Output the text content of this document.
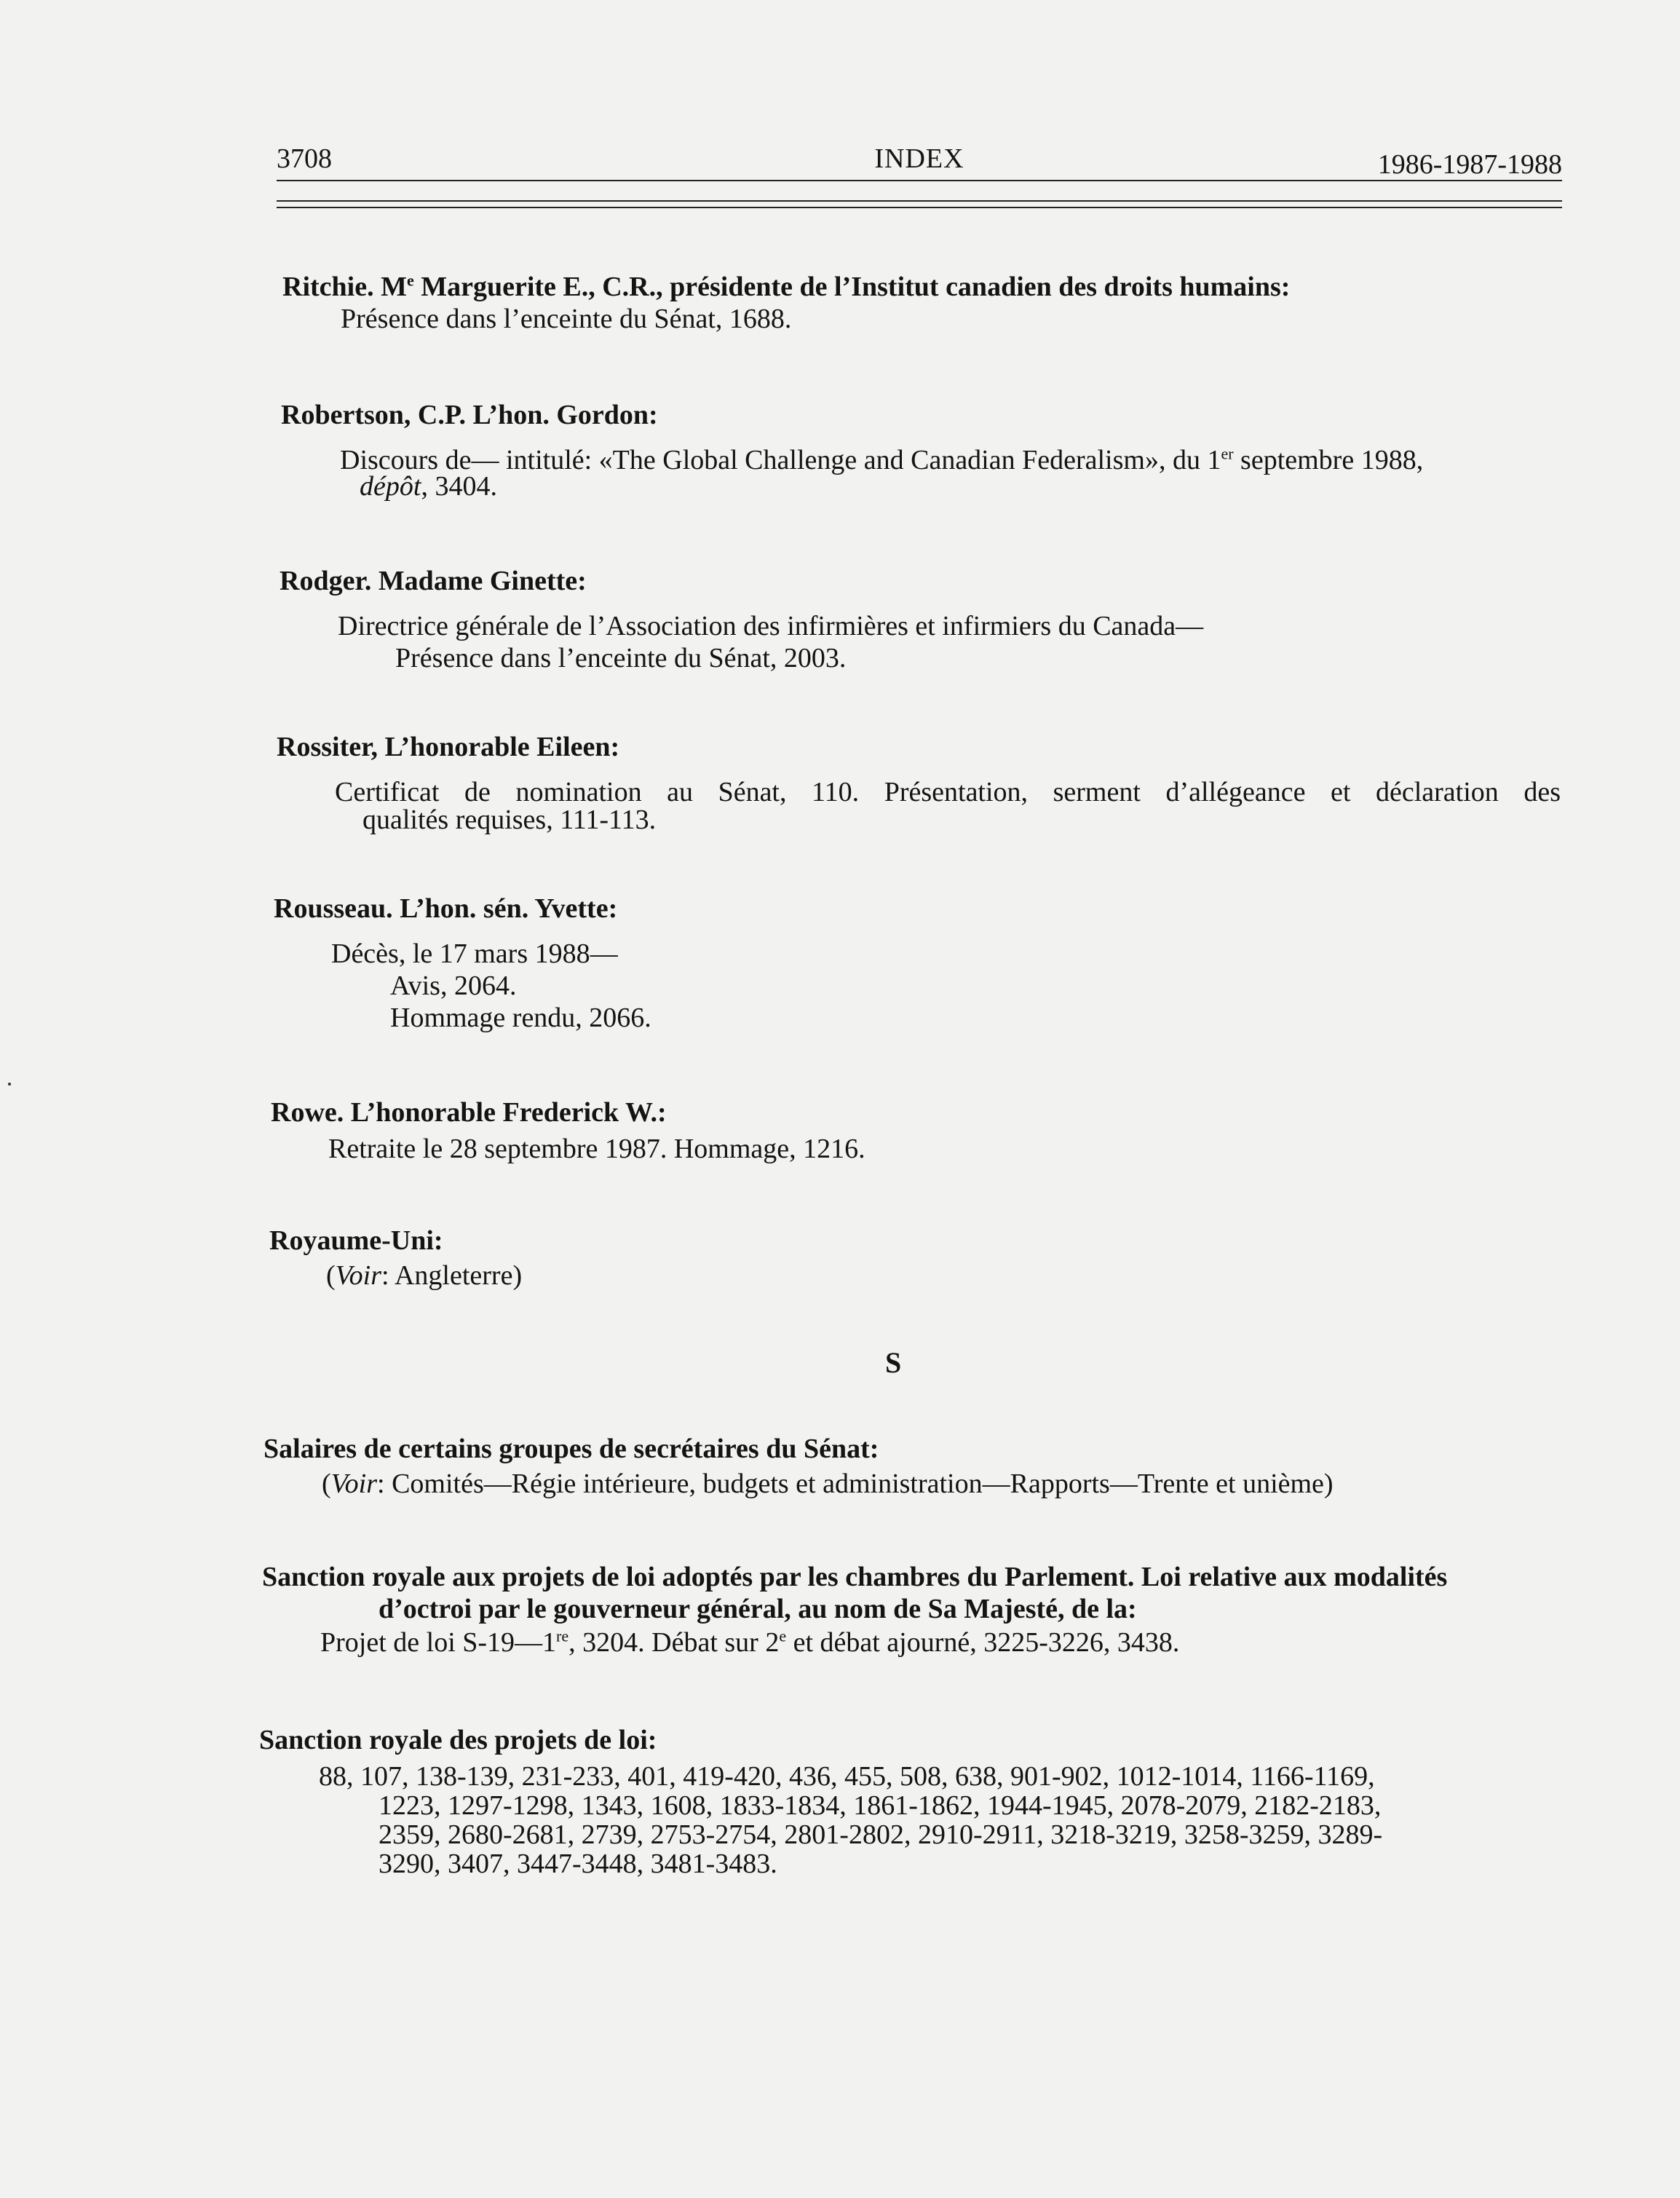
3708	INDEX	1986-1987-1988
Ritchie. Me Marguerite E., C.R., présidente de l’Institut canadien des droits humains:
Présence dans l’enceinte du Sénat, 1688.
Robertson, C.P. L’hon. Gordon:
Discours de— intitulé: «The Global Challenge and Canadian Federalism», du 1er septembre 1988,
dépôt, 3404.
Rodger. Madame Ginette:
Directrice générale de l’Association des infirmières et infirmiers du Canada—
Présence dans l’enceinte du Sénat, 2003.
Rossiter, L’honorable Eileen:
Certificat de nomination au Sénat, 110. Présentation, serment d’allégeance et déclaration des
qualités requises, 111-113.
Rousseau. L’hon. sén. Yvette:
Décès, le 17 mars 1988—
Avis, 2064.
Hommage rendu, 2066.
Rowe. L’honorable Frederick W.:
Retraite le 28 septembre 1987. Hommage, 1216.
Royaume-Uni:
(Voir: Angleterre)
S
Salaires de certains groupes de secrétaires du Sénat:
(Voir: Comités—Régie intérieure, budgets et administration—Rapports—Trente et unième)
Sanction royale aux projets de loi adoptés par les chambres du Parlement. Loi relative aux modalités
d’octroi par le gouverneur général, au nom de Sa Majesté, de la:
Projet de loi S-19—1re, 3204. Débat sur 2e et débat ajourné, 3225-3226, 3438.
Sanction royale des projets de loi:
88, 107, 138-139, 231-233, 401, 419-420, 436, 455, 508, 638, 901-902, 1012-1014, 1166-1169,
1223, 1297-1298, 1343, 1608, 1833-1834, 1861-1862, 1944-1945, 2078-2079, 2182-2183,
2359, 2680-2681, 2739, 2753-2754, 2801-2802, 2910-2911, 3218-3219, 3258-3259, 3289-
3290, 3407, 3447-3448, 3481-3483.
